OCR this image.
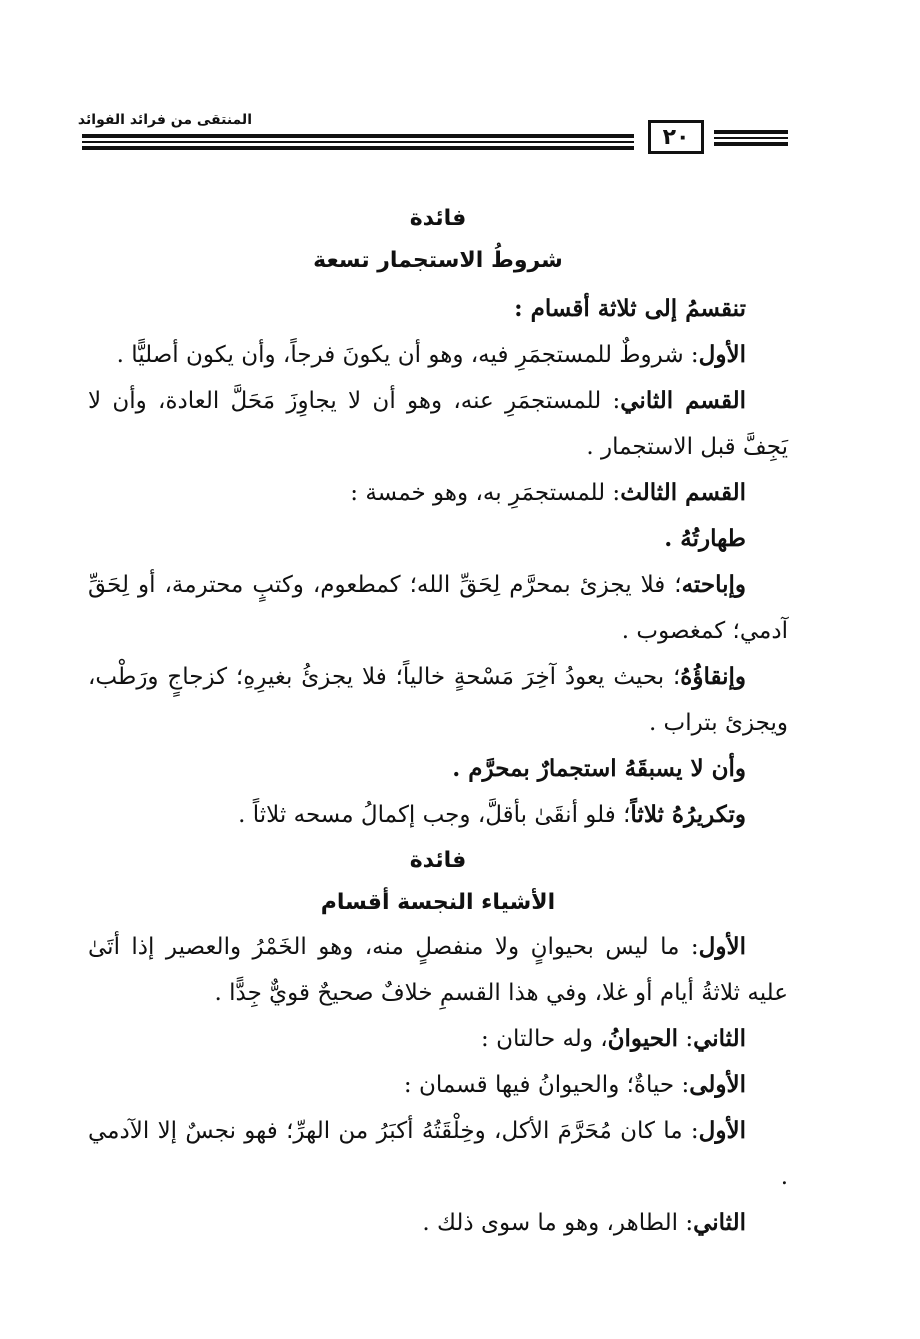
٢٠
المنتقى من فرائد الفوائد
فائدة
شروطُ الاستجمار تسعة

تنقسمُ إلى ثلاثة أقسام :

الأول: شروطٌ للمستجمَرِ فيه، وهو أن يكونَ فرجاً، وأن يكون أصليًّا .

القسم الثاني: للمستجمَرِ عنه، وهو أن لا يجاوِزَ مَحَلَّ العادة، وأن لا يَجِفَّ قبل الاستجمار .

القسم الثالث: للمستجمَرِ به، وهو خمسة :

طهارتُهُ .

وإباحته؛ فلا يجزئ بمحرَّم لِحَقِّ الله؛ كمطعوم، وكتبٍ محترمة، أو لِحَقِّ آدمي؛ كمغصوب .

وإنقاؤُهُ؛ بحيث يعودُ آخِرَ مَسْحةٍ خالياً؛ فلا يجزئُ بغيرِهِ؛ كزجاجٍ ورَطْب، ويجزئ بتراب .

وأن لا يسبقَهُ استجمارٌ بمحرَّم .

وتكريرُهُ ثلاثاً؛ فلو أنقَىٰ بأقلَّ، وجب إكمالُ مسحه ثلاثاً .

فائدة
الأشياء النجسة أقسام

الأول: ما ليس بحيوانٍ ولا منفصلٍ منه، وهو الخَمْرُ والعصير إذا أتَىٰ عليه ثلاثةُ أيام أو غلا، وفي هذا القسمِ خلافٌ صحيحٌ قويٌّ جِدًّا .

الثاني: الحيوانُ، وله حالتان :

الأولى: حياةٌ؛ والحيوانُ فيها قسمان :

الأول: ما كان مُحَرَّمَ الأكل، وخِلْقَتُهُ أكبَرُ من الهرِّ؛ فهو نجسٌ إلا الآدمي .

الثاني: الطاهر، وهو ما سوى ذلك .
